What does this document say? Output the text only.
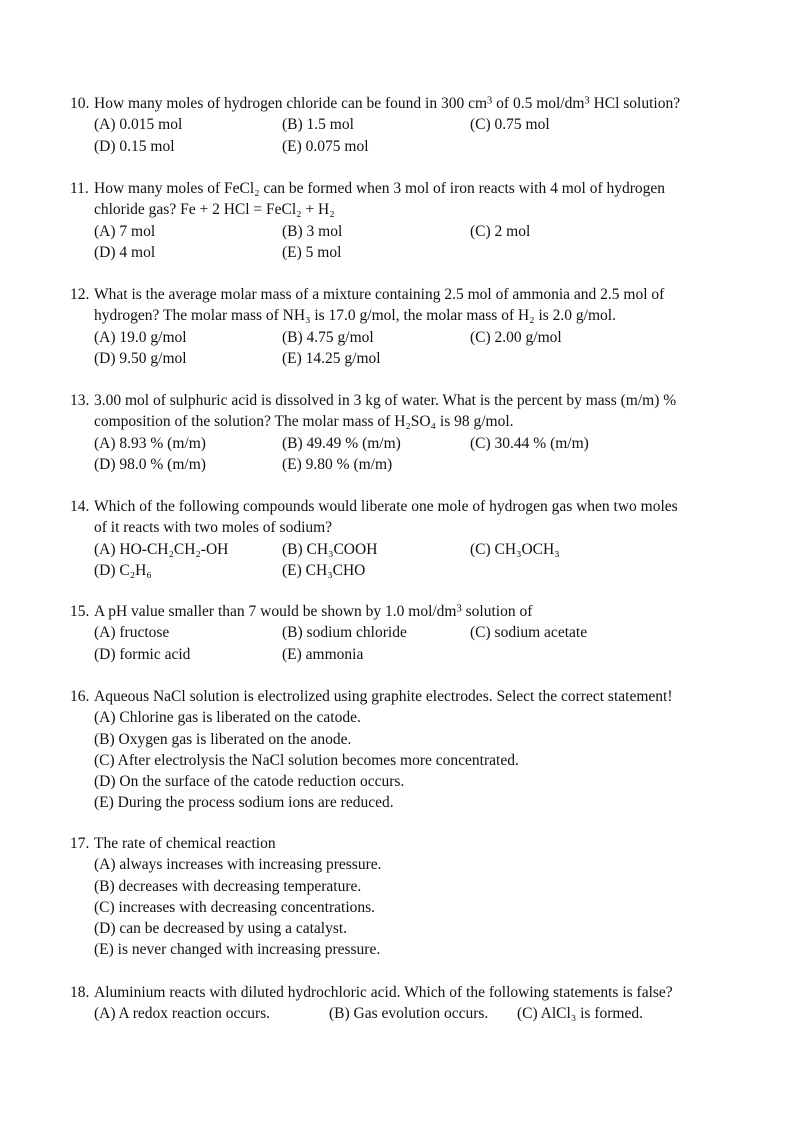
10. How many moles of hydrogen chloride can be found in 300 $cm^3$ of 0.5 mol/$dm^3$ HCl solution?
(A) 0.015 mol	(B) 1.5 mol	(C) 0.75 mol
(D) 0.15 mol	(E) 0.075 mol
11. How many moles of FeCl₂ can be formed when 3 mol of iron reacts with 4 mol of hydrogen
chloride gas? Fe + 2 HCl = FeCl₂ + H₂
(A) 7 mol	(B) 3 mol	(C) 2 mol
(D) 4 mol	(E) 5 mol
12. What is the average molar mass of a mixture containing 2.5 mol of ammonia and 2.5 mol of
hydrogen? The molar mass of NH₃ is 17.0 g/mol, the molar mass of H₂ is 2.0 g/mol.
(A) 19.0 g/mol	(B) 4.75 g/mol	(C) 2.00 g/mol
(D) 9.50 g/mol	(E) 14.25 g/mol
13. 3.00 mol of sulphuric acid is dissolved in 3 kg of water. What is the percent by mass (m/m) %
composition of the solution? The molar mass of H₂SO₄ is 98 g/mol.
(A) 8.93 % (m/m)	(B) 49.49 % (m/m)	(C) 30.44 % (m/m)
(D) 98.0 % (m/m)	(E) 9.80 % (m/m)
14. Which of the following compounds would liberate one mole of hydrogen gas when two moles
of it reacts with two moles of sodium?
(A) HO-CH₂CH₂-OH	(B) CH₃COOH	(C) CH₃OCH₃
(D) C₂H₆	(E) CH₃CHO
15. A pH value smaller than 7 would be shown by 1.0 mol/$dm^3$ solution of
(A) fructose	(B) sodium chloride	(C) sodium acetate
(D) formic acid	(E) ammonia
16. Aqueous NaCl solution is electrolized using graphite electrodes. Select the correct statement!
(A) Chlorine gas is liberated on the catode.
(B) Oxygen gas is liberated on the anode.
(C) After electrolysis the NaCl solution becomes more concentrated.
(D) On the surface of the catode reduction occurs.
(E) During the process sodium ions are reduced.
17. The rate of chemical reaction
(A) always increases with increasing pressure.
(B) decreases with decreasing temperature.
(C) increases with decreasing concentrations.
(D) can be decreased by using a catalyst.
(E) is never changed with increasing pressure.
18. Aluminium reacts with diluted hydrochloric acid. Which of the following statements is false?
(A) A redox reaction occurs.	(B) Gas evolution occurs. (C) AlCl₃ is formed.
